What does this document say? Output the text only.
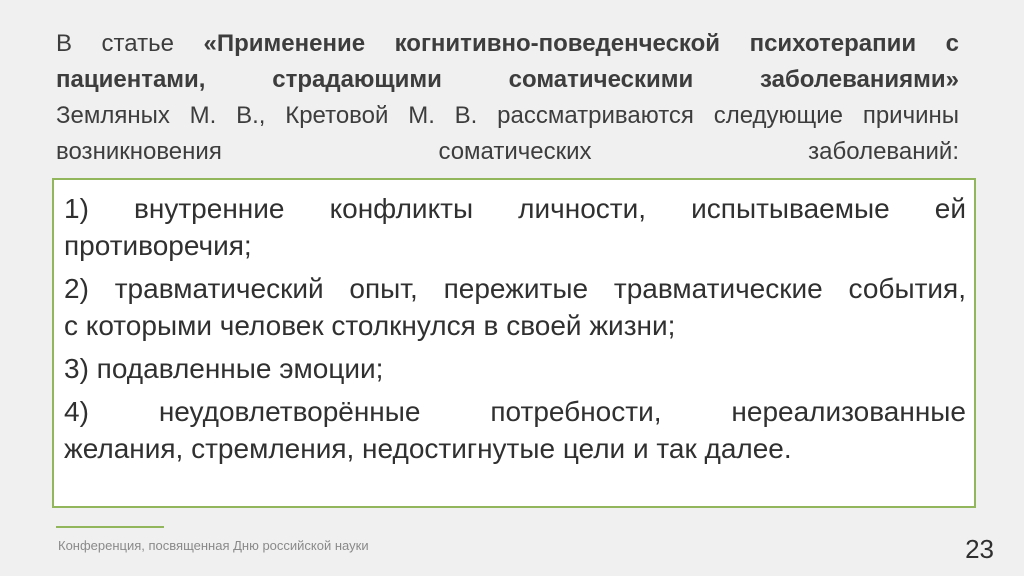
В статье «Применение когнитивно-поведенческой психотерапии с
пациентами, страдающими соматическими заболеваниями»
Земляных М. В., Кретовой М. В. рассматриваются следующие причины
возникновения соматических заболеваний:
1) внутренние конфликты личности, испытываемые ей
противоречия;
2) травматический опыт, пережитые травматические события,
с которыми человек столкнулся в своей жизни;
3) подавленные эмоции;
4) неудовлетворённые потребности, нереализованные
желания, стремления, недостигнутые цели и так далее.
Конференция, посвященная Дню российской науки	23
